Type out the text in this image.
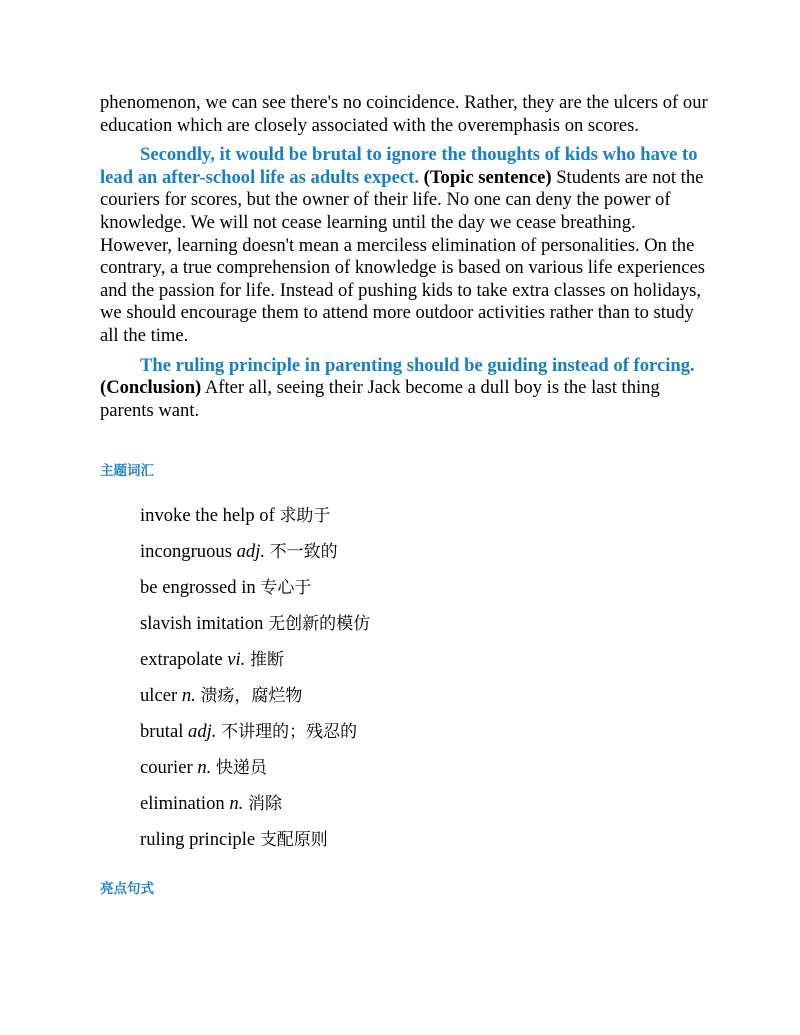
phenomenon, we can see there's no coincidence. Rather, they are the ulcers of our education which are closely associated with the overemphasis on scores.

Secondly, it would be brutal to ignore the thoughts of kids who have to lead an after-school life as adults expect. (Topic sentence) Students are not the couriers for scores, but the owner of their life. No one can deny the power of knowledge. We will not cease learning until the day we cease breathing. However, learning doesn't mean a merciless elimination of personalities. On the contrary, a true comprehension of knowledge is based on various life experiences and the passion for life. Instead of pushing kids to take extra classes on holidays, we should encourage them to attend more outdoor activities rather than to study all the time.

The ruling principle in parenting should be guiding instead of forcing. (Conclusion) After all, seeing their Jack become a dull boy is the last thing parents want.

主题词汇
invoke the help of 求助于
incongruous adj. 不一致的
be engrossed in 专心于
slavish imitation 无创新的模仿
extrapolate vi. 推断
ulcer n. 溃疡，腐烂物
brutal adj. 不讲理的；残忍的
courier n. 快递员
elimination n. 消除
ruling principle 支配原则
亮点句式
